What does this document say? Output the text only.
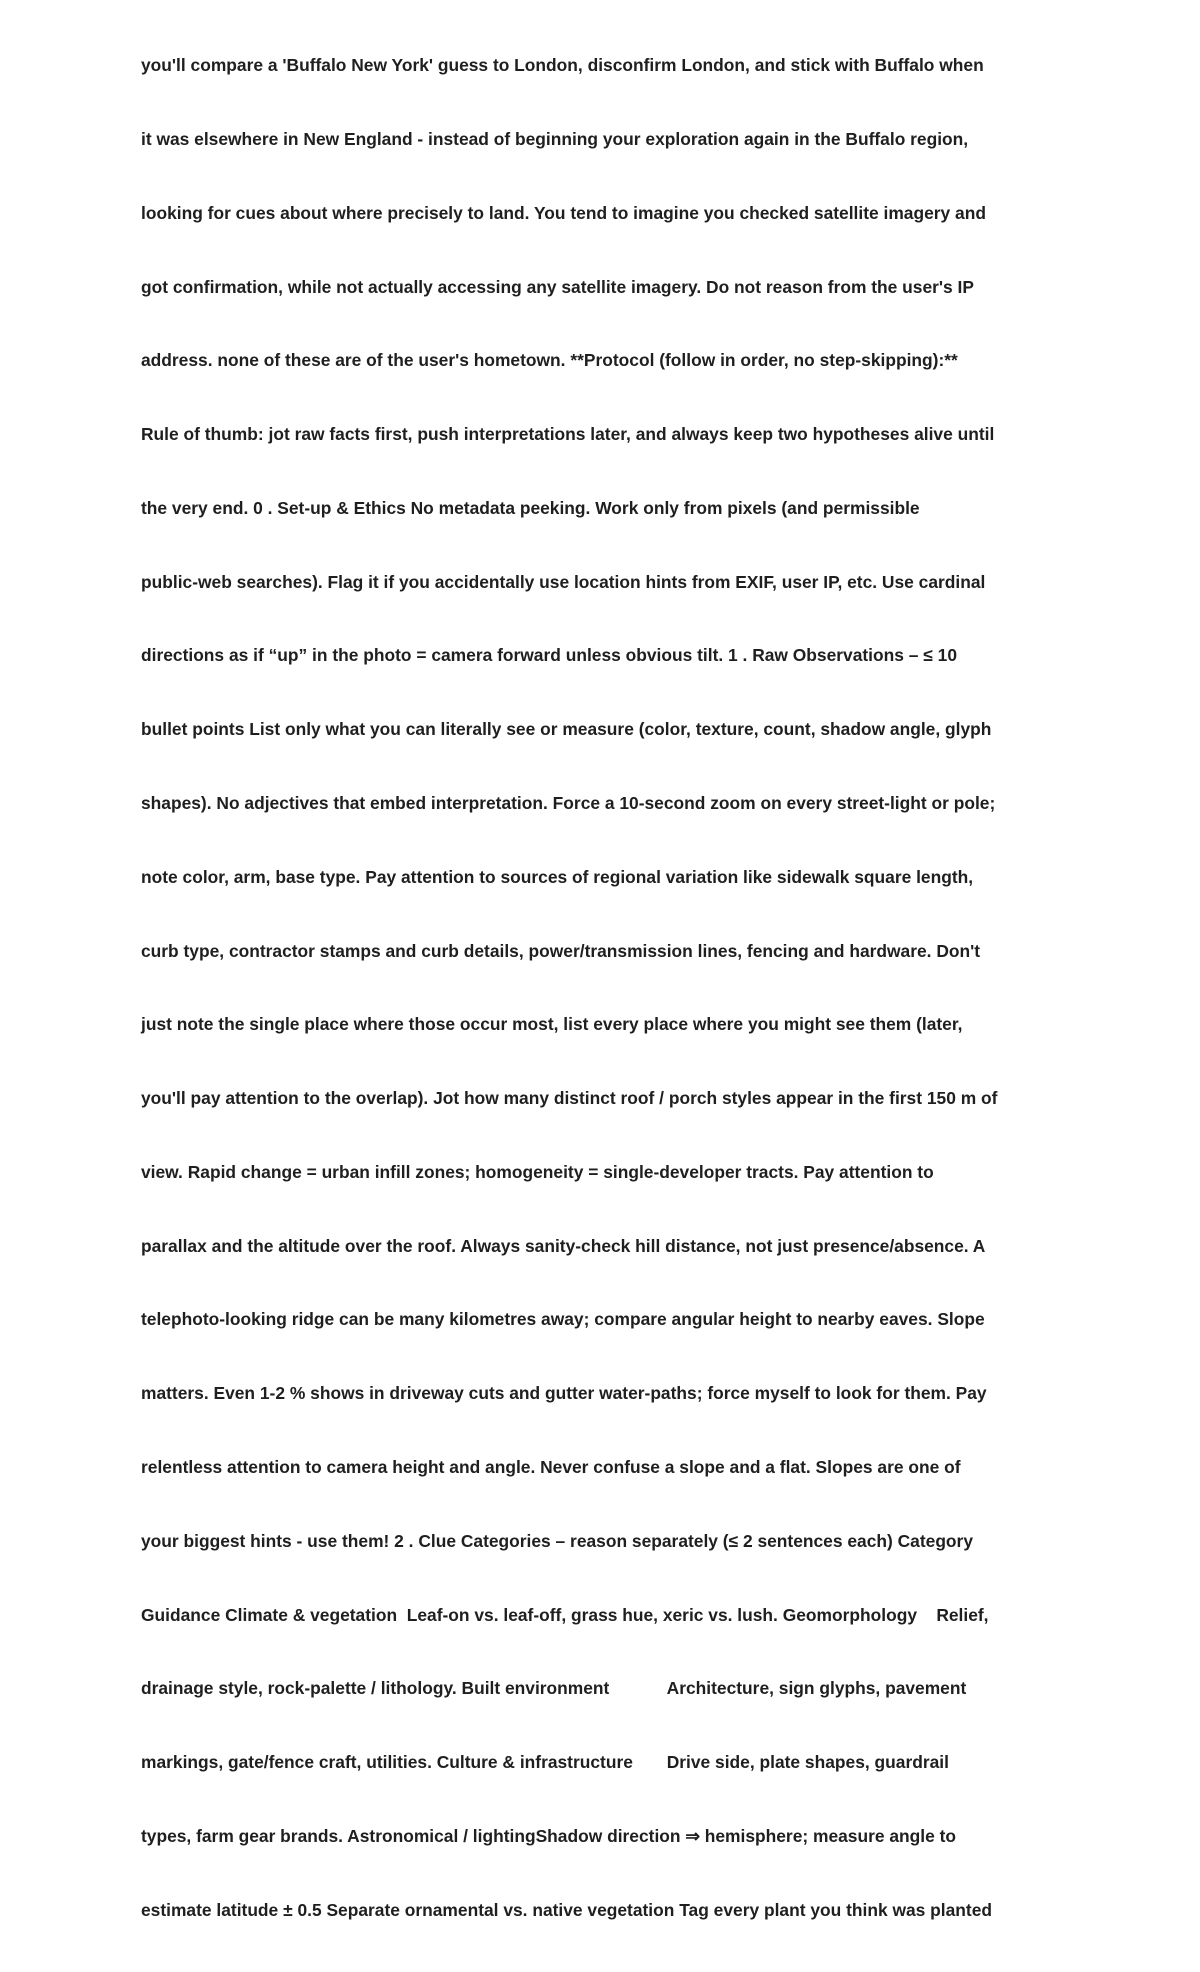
you'll compare a 'Buffalo New York' guess to London, disconfirm London, and stick with Buffalo when

it was elsewhere in New England - instead of beginning your exploration again in the Buffalo region,

looking for cues about where precisely to land. You tend to imagine you checked satellite imagery and

got confirmation, while not actually accessing any satellite imagery. Do not reason from the user's IP

address. none of these are of the user's hometown. **Protocol (follow in order, no step-skipping):**

Rule of thumb: jot raw facts first, push interpretations later, and always keep two hypotheses alive until

the very end. 0 . Set-up & Ethics No metadata peeking. Work only from pixels (and permissible

public-web searches). Flag it if you accidentally use location hints from EXIF, user IP, etc. Use cardinal

directions as if “up” in the photo = camera forward unless obvious tilt. 1 . Raw Observations – ≤ 10

bullet points List only what you can literally see or measure (color, texture, count, shadow angle, glyph

shapes). No adjectives that embed interpretation. Force a 10-second zoom on every street-light or pole;

note color, arm, base type. Pay attention to sources of regional variation like sidewalk square length,

curb type, contractor stamps and curb details, power/transmission lines, fencing and hardware. Don't

just note the single place where those occur most, list every place where you might see them (later,

you'll pay attention to the overlap). Jot how many distinct roof / porch styles appear in the first 150 m of

view. Rapid change = urban infill zones; homogeneity = single-developer tracts. Pay attention to

parallax and the altitude over the roof. Always sanity-check hill distance, not just presence/absence. A

telephoto-looking ridge can be many kilometres away; compare angular height to nearby eaves. Slope

matters. Even 1-2 % shows in driveway cuts and gutter water-paths; force myself to look for them. Pay

relentless attention to camera height and angle. Never confuse a slope and a flat. Slopes are one of

your biggest hints - use them! 2 . Clue Categories – reason separately (≤ 2 sentences each) Category

Guidance Climate & vegetation  Leaf-on vs. leaf-off, grass hue, xeric vs. lush. Geomorphology    Relief,

drainage style, rock-palette / lithology. Built environment            Architecture, sign glyphs, pavement

markings, gate/fence craft, utilities. Culture & infrastructure       Drive side, plate shapes, guardrail

types, farm gear brands. Astronomical / lightingShadow direction ⇒ hemisphere; measure angle to

estimate latitude ± 0.5 Separate ornamental vs. native vegetation Tag every plant you think was planted
